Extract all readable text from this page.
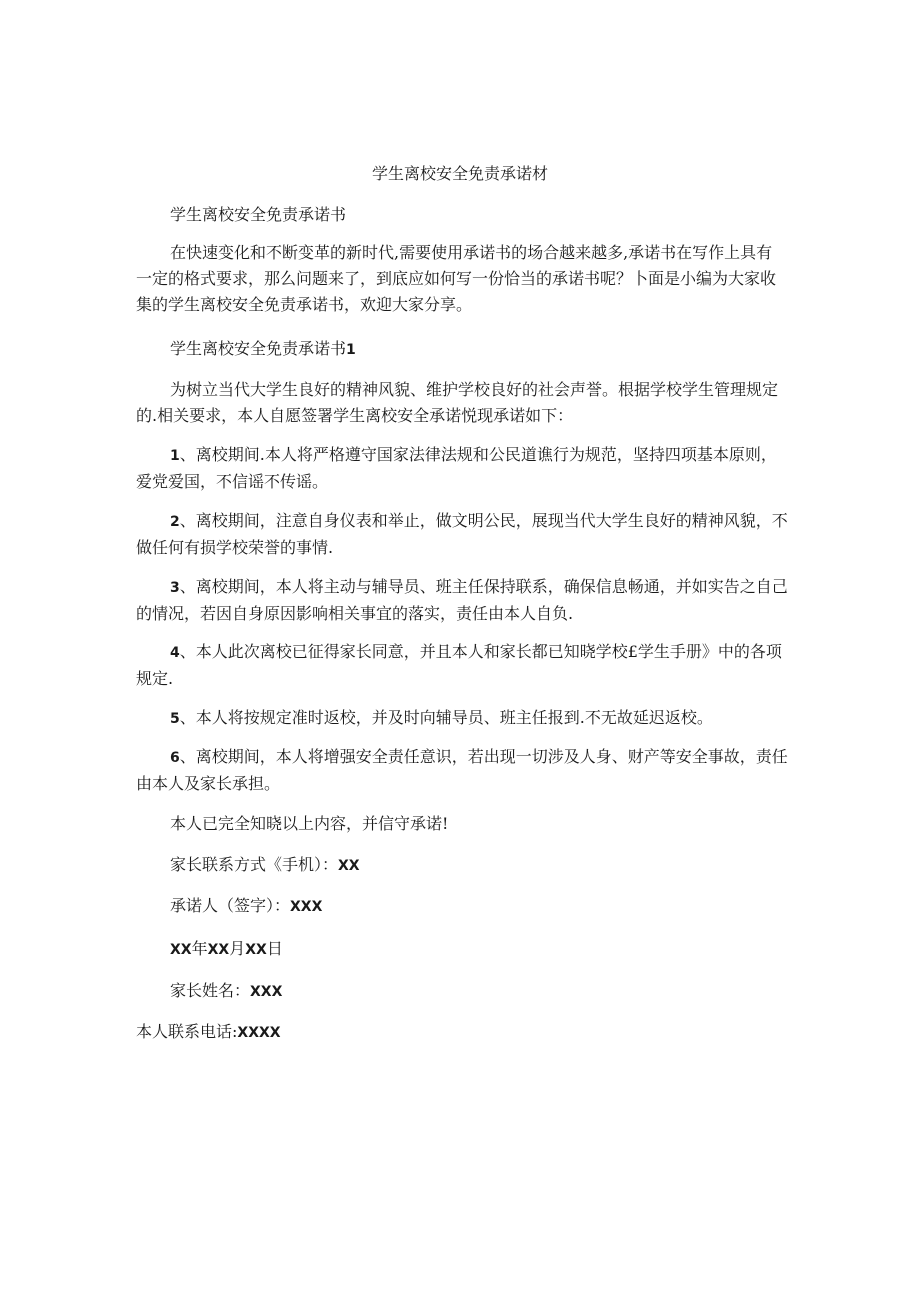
学生离校安全免责承诺材
学生离校安全免责承诺书

在快速变化和不断变革的新时代,需要使用承诺书的场合越来越多,承诺书在写作上具有一定的格式要求，那么问题来了，到底应如何写一份恰当的承诺书呢？卜面是小编为大家收集的学生离校安全免责承诺书，欢迎大家分享。

学生离校安全免责承诺书1

为树立当代大学生良好的精神风貌、维护学校良好的社会声誉。根据学校学生管理规定的.相关要求，本人自愿签署学生离校安全承诺悦现承诺如下：

1、离校期间.本人将严格遵守国家法律法规和公民道谯行为规范，坚持四项基本原则，爱党爱国，不信谣不传谣。

2、离校期间，注意自身仪表和举止，做文明公民，展现当代大学生良好的精神风貌，不做任何有损学校荣誉的事情.

3、离校期间，本人将主动与辅导员、班主任保持联系，确保信息畅通，并如实告之自己的情况，若因自身原因影响相关事宜的落实，责任由本人自负.

4、本人此次离校已征得家长同意，并且本人和家长都已知晓学校£学生手册》中的各项规定.

5、本人将按规定准时返校，并及时向辅导员、班主任报到.不无故延迟返校。

6、离校期间，本人将增强安全责任意识，若出现一切涉及人身、财产等安全事故，责任由本人及家长承担。

本人已完全知晓以上内容，并信守承诺!
家长联系方式《手机）：XX
承诺人（签字）：XXX
XX年XX月XX日
家长姓名：XXX
本人联系电话:XXXX
